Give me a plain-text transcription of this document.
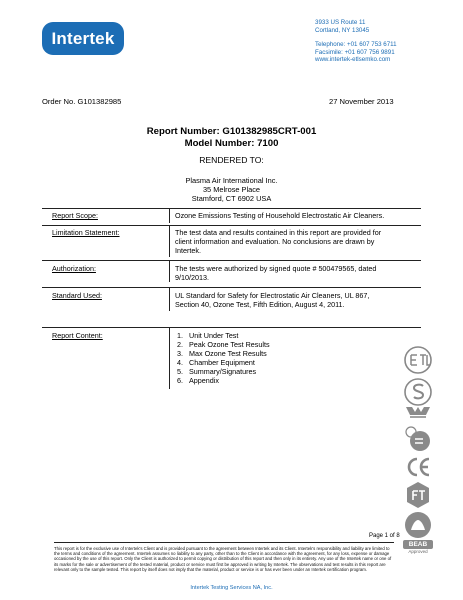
Intertek
3933 US Route 11
Cortland, NY 13045
Telephone: +01 607 753 6711
Facsimile: +01 607 756 9891
www.intertek-etlsemko.com
Order No. G101382985	27 November 2013
Report Number: G101382985CRT-001
Model Number: 7100
RENDERED TO:
Plasma Air International Inc.
35 Melrose Place
Stamford, CT 6902 USA
Report Scope:	Ozone Emissions Testing of Household Electrostatic Air Cleaners.
Limitation Statement:	The test data and results contained in this report are provided for client information and evaluation. No conclusions are drawn by Intertek.
Authorization:	The tests were authorized by signed quote # 500479565, dated 9/10/2013.
Standard Used:	UL Standard for Safety for Electrostatic Air Cleaners, UL 867, Section 40, Ozone Test, Fifth Edition, August 4, 2011.
Report Content:	1. Unit Under Test
2. Peak Ozone Test Results
3. Max Ozone Test Results
4. Chamber Equipment
5. Summary/Signatures
6. Appendix
BEAB
Approved
Page 1 of 8
This report is for the exclusive use of Intertek's Client and is provided pursuant to the agreement between Intertek and its Client. Intertek's responsibility and liability are limited to the terms and conditions of the agreement. Intertek assumes no liability to any party, other than to the Client in accordance with the agreement, for any loss, expense or damage occasioned by the use of this report. Only the Client is authorized to permit copying or distribution of this report and then only in its entirety. Any use of the Intertek name or one of its marks for the sale or advertisement of the tested material, product or service must first be approved in writing by Intertek. The observations and test results in this report are relevant only to the sample tested. This report by itself does not imply that the material, product or service is or has ever been under an Intertek certification program.
Intertek Testing Services NA, Inc.
